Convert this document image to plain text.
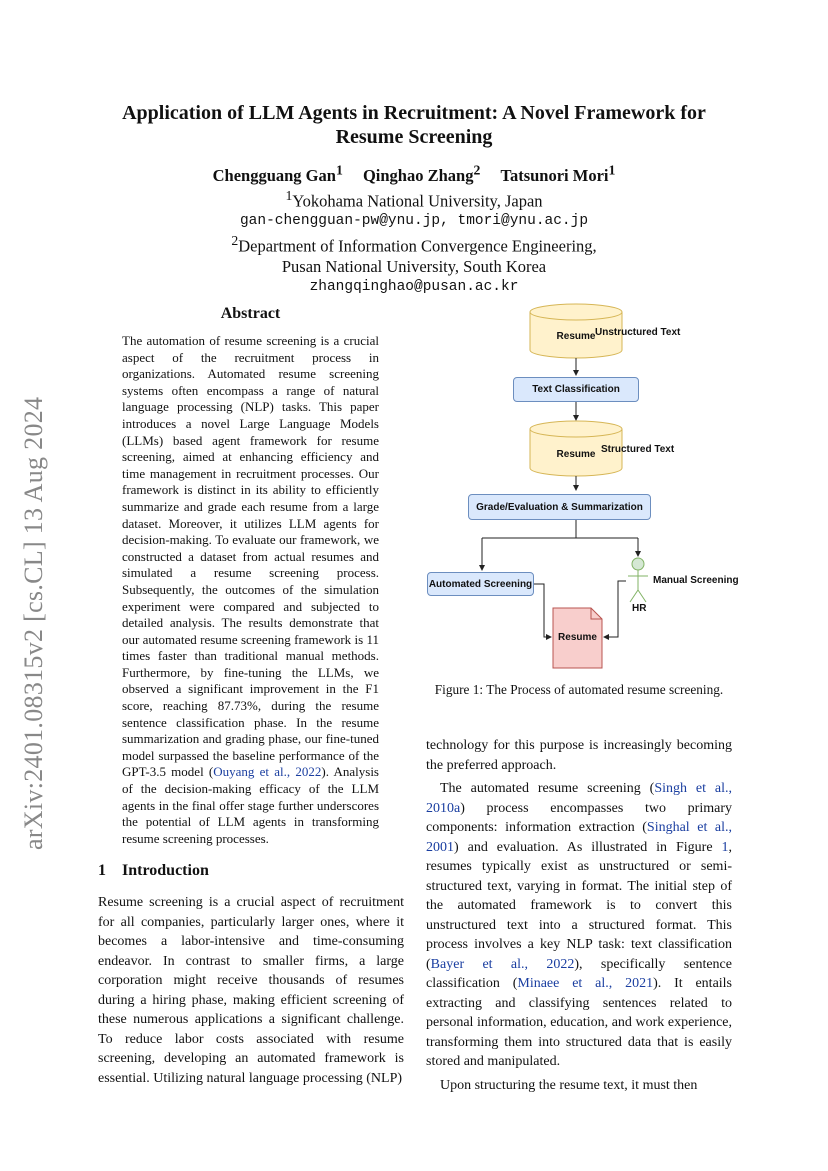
arXiv:2401.08315v2 [cs.CL] 13 Aug 2024
Application of LLM Agents in Recruitment: A Novel Framework for
Resume Screening
Chengguang Gan$^1$ Qinghao Zhang$^2$ Tatsunori Mori$^1$
$^1$Yokohama National University, Japan
gan-chengguan-pw@ynu.jp, tmori@ynu.ac.jp
$^2$Department of Information Convergence Engineering,
Pusan National University, South Korea
zhangqinghao@pusan.ac.kr
Abstract
The automation of resume screening is a crucial aspect of the recruitment process in organizations. Automated resume screening systems often encompass a range of natural language processing (NLP) tasks. This paper introduces a novel Large Language Models (LLMs) based agent framework for resume screening, aimed at enhancing efficiency and time management in recruitment processes. Our framework is distinct in its ability to efficiently summarize and grade each resume from a large dataset. Moreover, it utilizes LLM agents for decision-making. To evaluate our framework, we constructed a dataset from actual resumes and simulated a resume screening process. Subsequently, the outcomes of the simulation experiment were compared and subjected to detailed analysis. The results demonstrate that our automated resume screening framework is 11 times faster than traditional manual methods. Furthermore, by fine-tuning the LLMs, we observed a significant improvement in the F1 score, reaching 87.73%, during the resume sentence classification phase. In the resume summarization and grading phase, our fine-tuned model surpassed the baseline performance of the GPT-3.5 model (Ouyang et al., 2022). Analysis of the decision-making efficacy of the LLM agents in the final offer stage further underscores the potential of LLM agents in transforming resume screening processes.
1 Introduction
Resume screening is a crucial aspect of recruitment for all companies, particularly larger ones, where it becomes a labor-intensive and time-consuming endeavor. In contrast to smaller firms, a large corporation might receive thousands of resumes during a hiring phase, making efficient screening of these numerous applications a significant challenge. To reduce labor costs associated with resume screening, developing an automated framework is essential. Utilizing natural language processing (NLP)
Resume Unstructured Text
Text Classification
Resume Structured Text
Grade/Evaluation & Summarization
Automated Screening	Manual Screening
HR
Resume
Figure 1: The Process of automated resume screening.

technology for this purpose is increasingly becoming the preferred approach.

The automated resume screening (Singh et al., 2010a) process encompasses two primary components: information extraction (Singhal et al., 2001) and evaluation. As illustrated in Figure 1, resumes typically exist as unstructured or semi-structured text, varying in format. The initial step of the automated framework is to convert this unstructured text into a structured format. This process involves a key NLP task: text classification (Bayer et al., 2022), specifically sentence classification (Minaee et al., 2021). It entails extracting and classifying sentences related to personal information, education, and work experience, transforming them into structured data that is easily stored and manipulated.

Upon structuring the resume text, it must then
